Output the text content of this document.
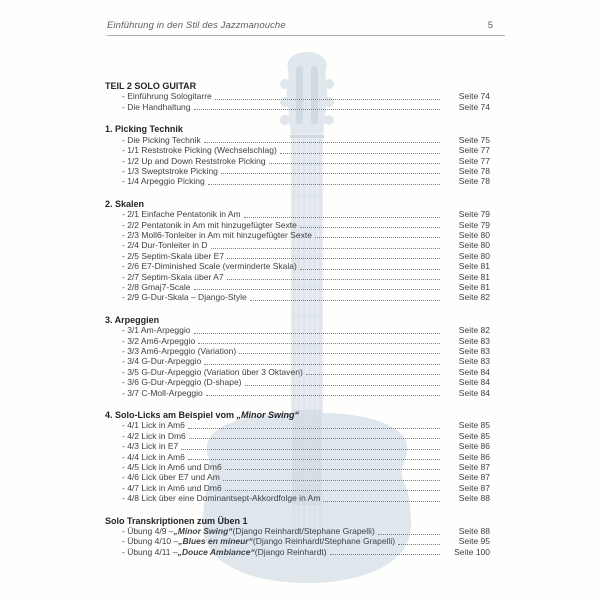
Einführung in den Stil des Jazzmanouche	5
TEIL 2 SOLO GUITAR
- Einführung Sologitarre	Seite 74
- Die Handhaltung	Seite 74
1. Picking Technik
- Die Picking Technik	Seite 75
- 1/1 Reststroke Picking (Wechselschlag)	Seite 77
- 1/2 Up and Down Reststroke Picking	Seite 77
- 1/3 Sweptstroke Picking	Seite 78
- 1/4 Arpeggio Picking	Seite 78
2. Skalen
- 2/1 Einfache Pentatonik in Am	Seite 79
- 2/2 Pentatonik in Am mit hinzugefügter Sexte	Seite 79
- 2/3 Moll6-Tonleiter in Am mit hinzugefügter Sexte	Seite 80
- 2/4 Dur-Tonleiter in D	Seite 80
- 2/5 Septim-Skala über E7	Seite 80
- 2/6 E7-Diminished Scale (verminderte Skala)	Seite 81
- 2/7 Septim-Skala über A7	Seite 81
- 2/8 Gmaj7-Scale	Seite 81
- 2/9 G-Dur-Skala – Django-Style	Seite 82
3. Arpeggien
- 3/1 Am-Arpeggio	Seite 82
- 3/2 Am6-Arpeggio	Seite 83
- 3/3 Am6-Arpeggio (Variation)	Seite 83
- 3/4 G-Dur-Arpeggio	Seite 83
- 3/5 G-Dur-Arpeggio (Variation über 3 Oktaven)	Seite 84
- 3/6 G-Dur-Arpeggio (D-shape)	Seite 84
- 3/7 C-Moll-Arpeggio	Seite 84
4. Solo-Licks am Beispiel vom „Minor Swing“
- 4/1 Lick in Am6	Seite 85
- 4/2 Lick in Dm6	Seite 85
- 4/3 Lick in E7	Seite 86
- 4/4 Lick in Am6	Seite 86
- 4/5 Lick in Am6 und Dm6	Seite 87
- 4/6 Lick über E7 und Am	Seite 87
- 4/7 Lick in Am6 und Dm6	Seite 87
- 4/8 Lick über eine Dominantsept-Akkordfolge in Am	Seite 88
Solo Transkriptionen zum Üben 1
- Übung 4/9 – „Minor Swing“ (Django Reinhardt/Stephane Grapelli)	Seite 88
- Übung 4/10 – „Blues en mineur“ (Django Reinhardt/Stephane Grapelli)	Seite 95
- Übung 4/11 – „Douce Ambiance“ (Django Reinhardt)	Seite 100
